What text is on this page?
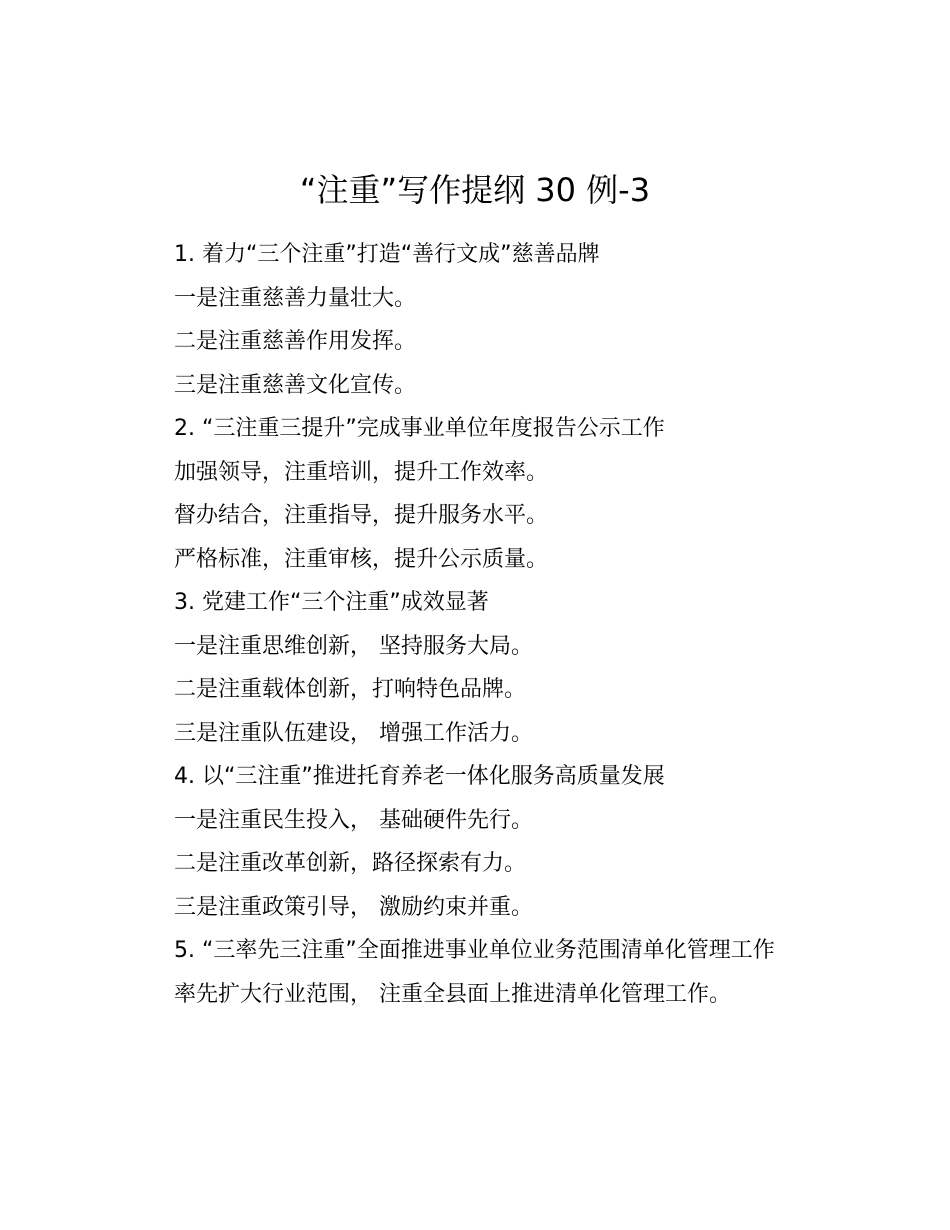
“注重”写作提纲 30 例-3
1. 着力“三个注重”打造“善行文成”慈善品牌
一是注重慈善力量壮大。
二是注重慈善作用发挥。
三是注重慈善文化宣传。
2. “三注重三提升”完成事业单位年度报告公示工作
加强领导，注重培训，提升工作效率。
督办结合，注重指导，提升服务水平。
严格标准，注重审核，提升公示质量。
3. 党建工作“三个注重”成效显著
一是注重思维创新， 坚持服务大局。
二是注重载体创新，打响特色品牌。
三是注重队伍建设， 增强工作活力。
4. 以“三注重”推进托育养老一体化服务高质量发展
一是注重民生投入， 基础硬件先行。
二是注重改革创新，路径探索有力。
三是注重政策引导， 激励约束并重。
5. “三率先三注重”全面推进事业单位业务范围清单化管理工作
率先扩大行业范围， 注重全县面上推进清单化管理工作。
